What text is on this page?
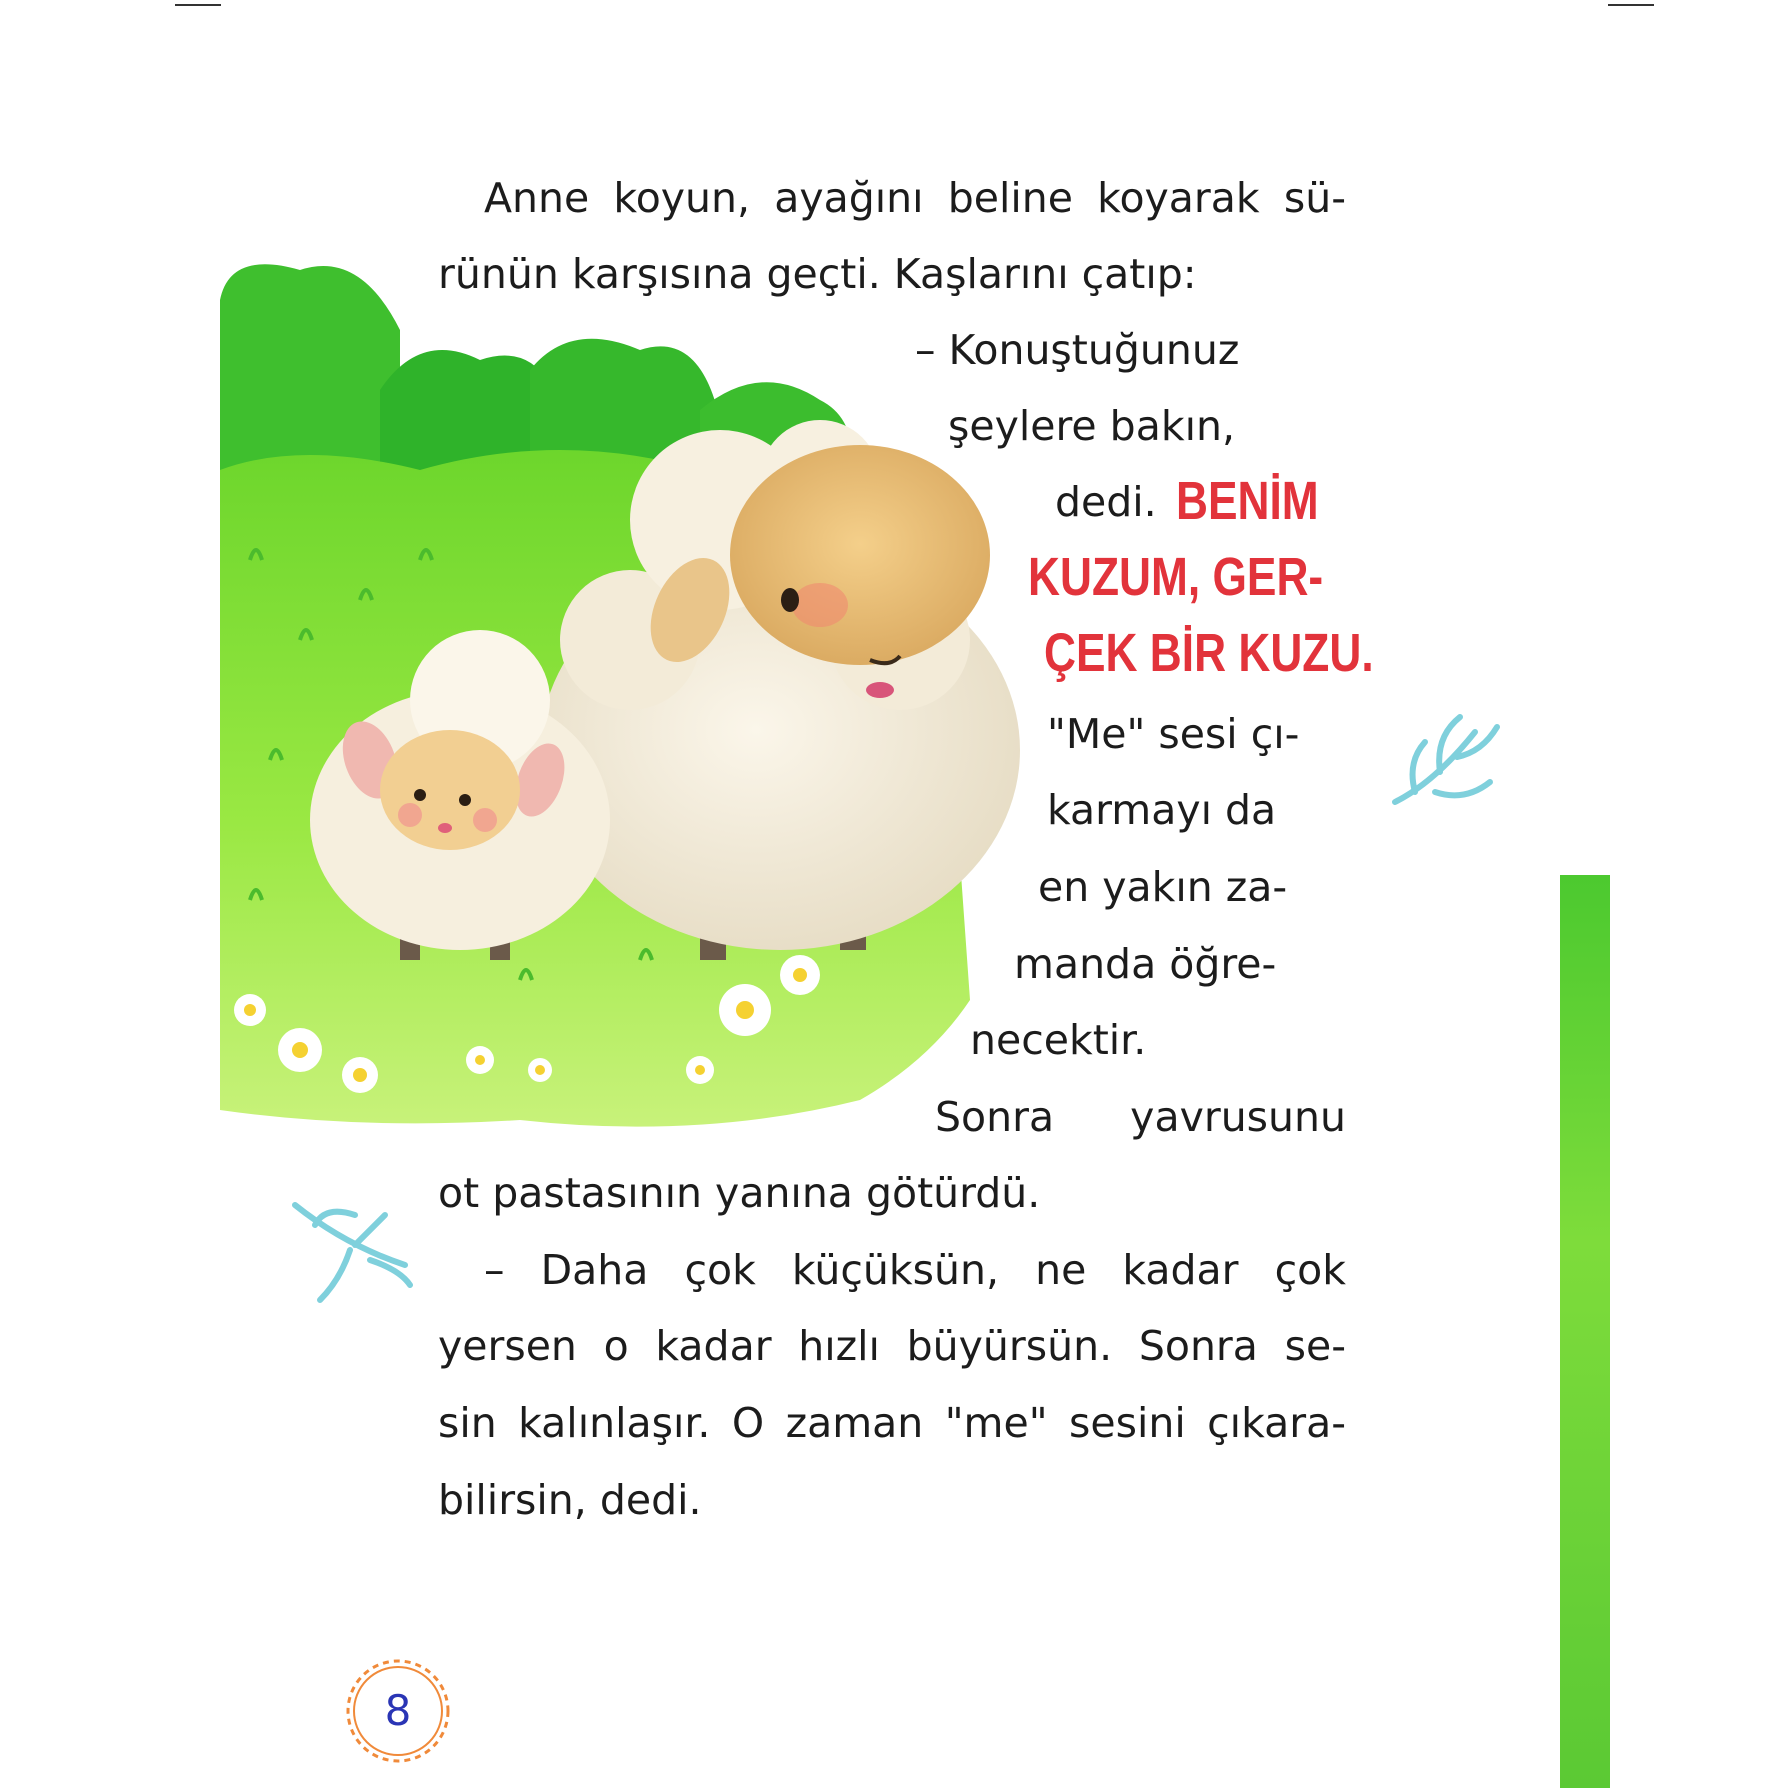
Anne koyun, ayağını beline koyarak sü-

rünün karşısına geçti. Kaşlarını çatıp:

– Konuştuğunuz

şeylere bakın,

dedi. BENİM

KUZUM, GER-

ÇEK BİR KUZU.

"Me" sesi çı-

karmayı da

en yakın za-

manda öğre-

necektir.

Sonra yavrusunu

ot pastasının yanına götürdü.

– Daha çok küçüksün, ne kadar çok

yersen o kadar hızlı büyürsün. Sonra se-

sin kalınlaşır. O zaman "me" sesini çıkara-

bilirsin, dedi.

8
